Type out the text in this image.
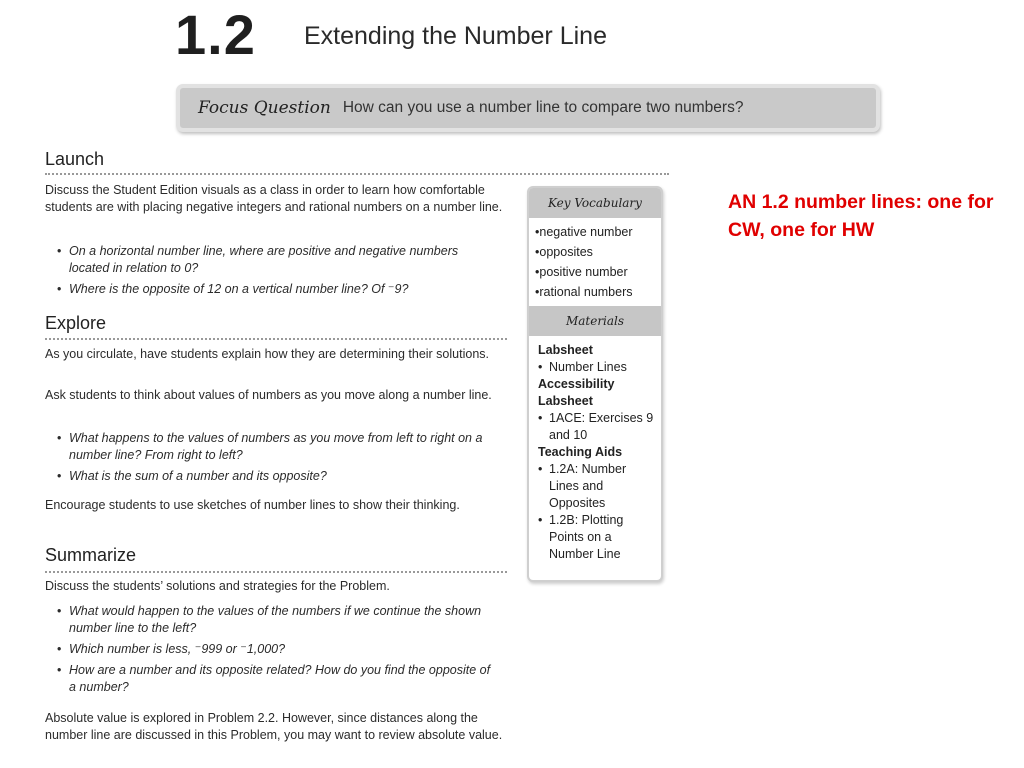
1.2 Extending the Number Line
Focus Question How can you use a number line to compare two numbers?
Launch

Discuss the Student Edition visuals as a class in order to learn how comfortable students are with placing negative integers and rational numbers on a number line.

• On a horizontal number line, where are positive and negative numbers located in relation to 0?
• Where is the opposite of 12 on a vertical number line? Of ⁻9?
Explore

As you circulate, have students explain how they are determining their solutions.

Ask students to think about values of numbers as you move along a number line.

• What happens to the values of numbers as you move from left to right on a number line? From right to left?
• What is the sum of a number and its opposite?

Encourage students to use sketches of number lines to show their thinking.

Summarize

Discuss the students’ solutions and strategies for the Problem.

• What would happen to the values of the numbers if we continue the shown number line to the left?
• Which number is less, ⁻999 or ⁻1,000?
• How are a number and its opposite related? How do you find the opposite of a number?

Absolute value is explored in Problem 2.2. However, since distances along the number line are discussed in this Problem, you may want to review absolute value.

Key Vocabulary
• negative number
• opposites
• positive number
• rational numbers
Materials
Labsheet
• Number Lines
Accessibility Labsheet
• 1ACE: Exercises 9 and 10
Teaching Aids
• 1.2A: Number Lines and Opposites
• 1.2B: Plotting Points on a Number Line

AN 1.2 number lines: one for CW, one for HW
